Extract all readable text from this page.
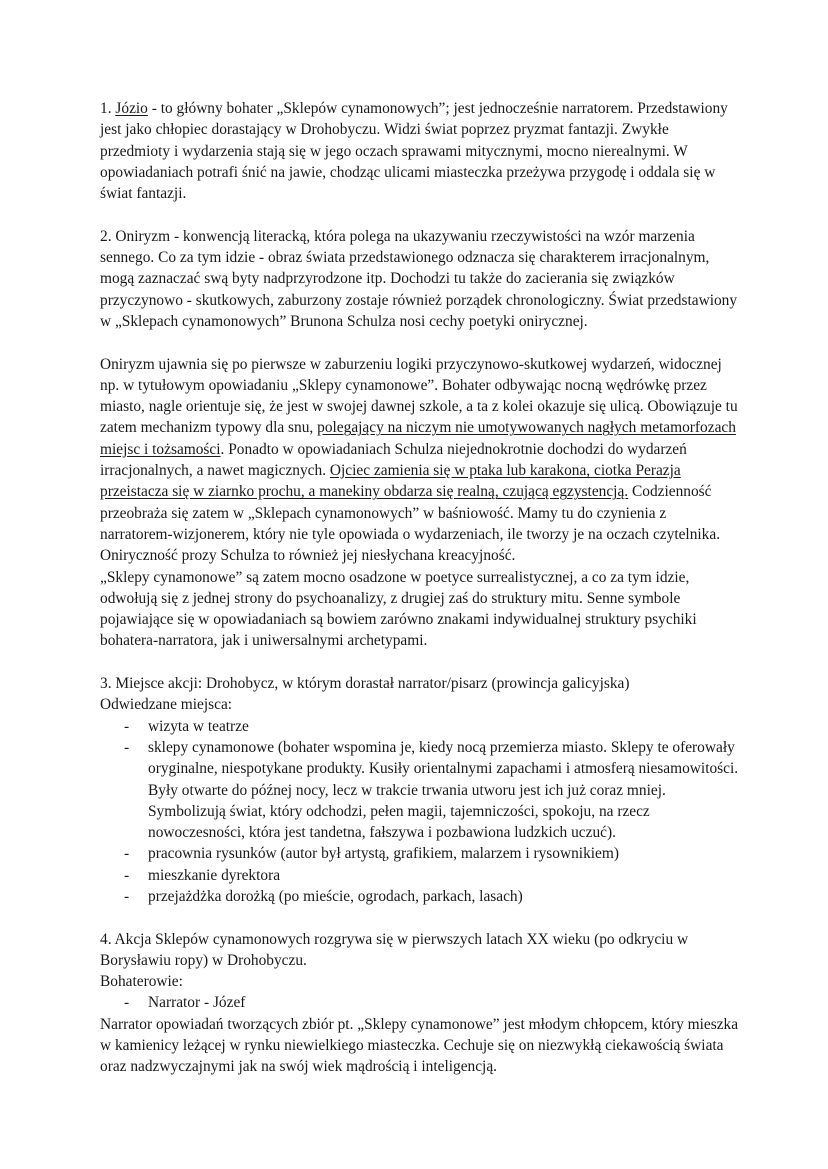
1. Józio - to główny bohater „Sklepów cynamonowych”; jest jednocześnie narratorem. Przedstawiony jest jako chłopiec dorastający w Drohobyczu. Widzi świat poprzez pryzmat fantazji. Zwykłe przedmioty i wydarzenia stają się w jego oczach sprawami mitycznymi, mocno nierealnymi. W opowiadaniach potrafi śnić na jawie, chodząc ulicami miasteczka przeżywa przygodę i oddala się w świat fantazji.

2. Oniryzm - konwencją literacką, która polega na ukazywaniu rzeczywistości na wzór marzenia sennego. Co za tym idzie - obraz świata przedstawionego odznacza się charakterem irracjonalnym, mogą zaznaczać swą byty nadprzyrodzone itp. Dochodzi tu także do zacierania się związków przyczynowo - skutkowych, zaburzony zostaje również porządek chronologiczny. Świat przedstawiony w „Sklepach cynamonowych” Brunona Schulza nosi cechy poetyki onirycznej.

Oniryzm ujawnia się po pierwsze w zaburzeniu logiki przyczynowo-skutkowej wydarzeń, widocznej np. w tytułowym opowiadaniu „Sklepy cynamonowe”. Bohater odbywając nocną wędrówkę przez miasto, nagle orientuje się, że jest w swojej dawnej szkole, a ta z kolei okazuje się ulicą. Obowiązuje tu zatem mechanizm typowy dla snu, polegający na niczym nie umotywowanych nagłych metamorfozach miejsc i tożsamości. Ponadto w opowiadaniach Schulza niejednokrotnie dochodzi do wydarzeń irracjonalnych, a nawet magicznych. Ojciec zamienia się w ptaka lub karakona, ciotka Perazja przeistacza się w ziarnko prochu, a manekiny obdarza się realną, czującą egzystencją. Codzienność przeobraża się zatem w „Sklepach cynamonowych” w baśniowość. Mamy tu do czynienia z narratorem-wizjonerem, który nie tyle opowiada o wydarzeniach, ile tworzy je na oczach czytelnika. Oniryczność prozy Schulza to również jej niesłychana kreacyjność.

„Sklepy cynamonowe” są zatem mocno osadzone w poetyce surrealistycznej, a co za tym idzie, odwołują się z jednej strony do psychoanalizy, z drugiej zaś do struktury mitu. Senne symbole pojawiające się w opowiadaniach są bowiem zarówno znakami indywidualnej struktury psychiki bohatera-narratora, jak i uniwersalnymi archetypami.

3. Miejsce akcji: Drohobycz, w którym dorastał narrator/pisarz (prowincja galicyjska)
Odwiedzane miejsca:
- wizyta w teatrze
- sklepy cynamonowe (bohater wspomina je, kiedy nocą przemierza miasto. Sklepy te oferowały oryginalne, niespotykane produkty. Kusiły orientalnymi zapachami i atmosferą niesamowitości. Były otwarte do późnej nocy, lecz w trakcie trwania utworu jest ich już coraz mniej. Symbolizują świat, który odchodzi, pełen magii, tajemniczości, spokoju, na rzecz nowoczesności, która jest tandetna, fałszywa i pozbawiona ludzkich uczuć).
- pracownia rysunków (autor był artystą, grafikiem, malarzem i rysownikiem)
- mieszkanie dyrektora
- przejażdżka dorożką (po mieście, ogrodach, parkach, lasach)
4. Akcja Sklepów cynamonowych rozgrywa się w pierwszych latach XX wieku (po odkryciu w Borysławiu ropy) w Drohobyczu.
Bohaterowie:
- Narrator - Józef
Narrator opowiadań tworzących zbiór pt. „Sklepy cynamonowe” jest młodym chłopcem, który mieszka w kamienicy leżącej w rynku niewielkiego miasteczka. Cechuje się on niezwykłą ciekawością świata oraz nadzwyczajnymi jak na swój wiek mądrością i inteligencją.
